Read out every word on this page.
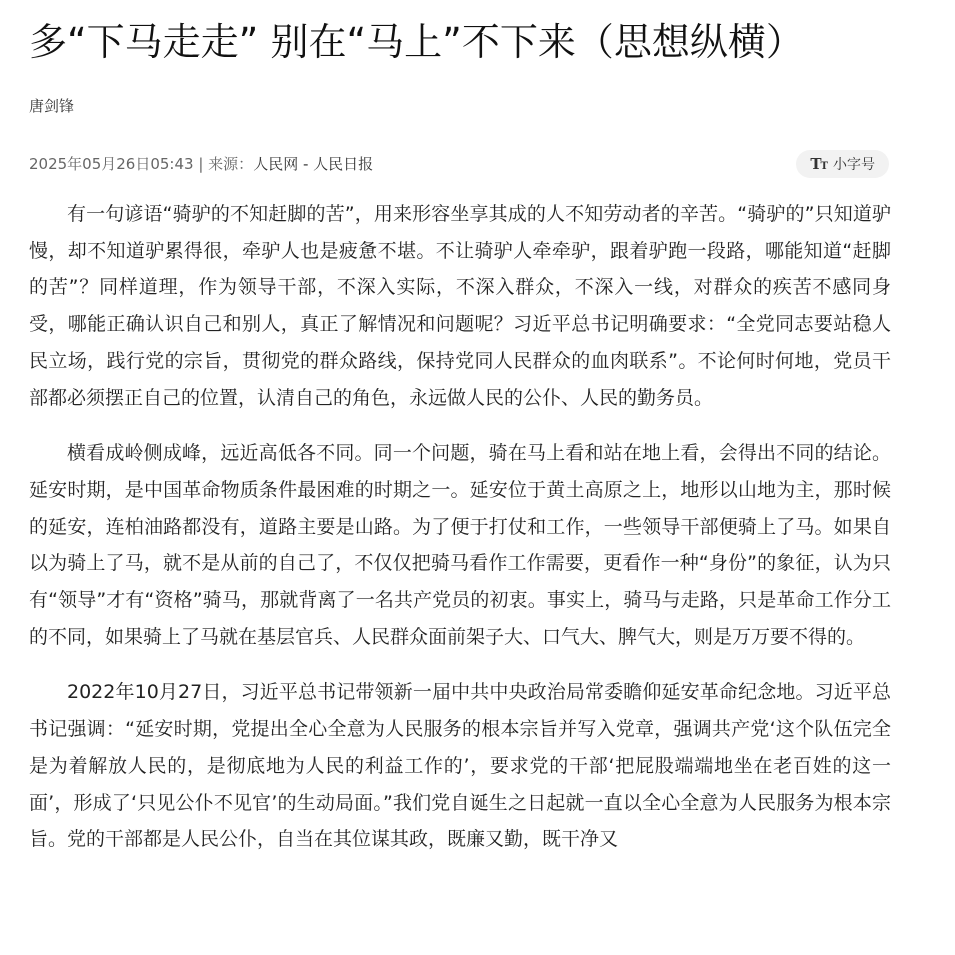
多“下马走走” 别在“马上”不下来（思想纵横）
唐剑锋
2025年05月26日05:43 | 来源：人民网 - 人民日报	TT 小字号

有一句谚语“骑驴的不知赶脚的苦”，用来形容坐享其成的人不知劳动者的辛苦。“骑驴的”只知道驴慢，却不知道驴累得很，牵驴人也是疲惫不堪。不让骑驴人牵牵驴，跟着驴跑一段路，哪能知道“赶脚的苦”？同样道理，作为领导干部，不深入实际，不深入群众，不深入一线，对群众的疾苦不感同身受，哪能正确认识自己和别人，真正了解情况和问题呢？习近平总书记明确要求：“全党同志要站稳人民立场，践行党的宗旨，贯彻党的群众路线，保持党同人民群众的血肉联系”。不论何时何地，党员干部都必须摆正自己的位置，认清自己的角色，永远做人民的公仆、人民的勤务员。

横看成岭侧成峰，远近高低各不同。同一个问题，骑在马上看和站在地上看，会得出不同的结论。延安时期，是中国革命物质条件最困难的时期之一。延安位于黄土高原之上，地形以山地为主，那时候的延安，连柏油路都没有，道路主要是山路。为了便于打仗和工作，一些领导干部便骑上了马。如果自以为骑上了马，就不是从前的自己了，不仅仅把骑马看作工作需要，更看作一种“身份”的象征，认为只有“领导”才有“资格”骑马，那就背离了一名共产党员的初衷。事实上，骑马与走路，只是革命工作分工的不同，如果骑上了马就在基层官兵、人民群众面前架子大、口气大、脾气大，则是万万要不得的。

2022年10月27日，习近平总书记带领新一届中共中央政治局常委瞻仰延安革命纪念地。习近平总书记强调：“延安时期，党提出全心全意为人民服务的根本宗旨并写入党章，强调共产党‘这个队伍完全是为着解放人民的，是彻底地为人民的利益工作的’，要求党的干部‘把屁股端端地坐在老百姓的这一面’，形成了‘只见公仆不见官’的生动局面。”我们党自诞生之日起就一直以全心全意为人民服务为根本宗旨。党的干部都是人民公仆，自当在其位谋其政，既廉又勤，既干净又
